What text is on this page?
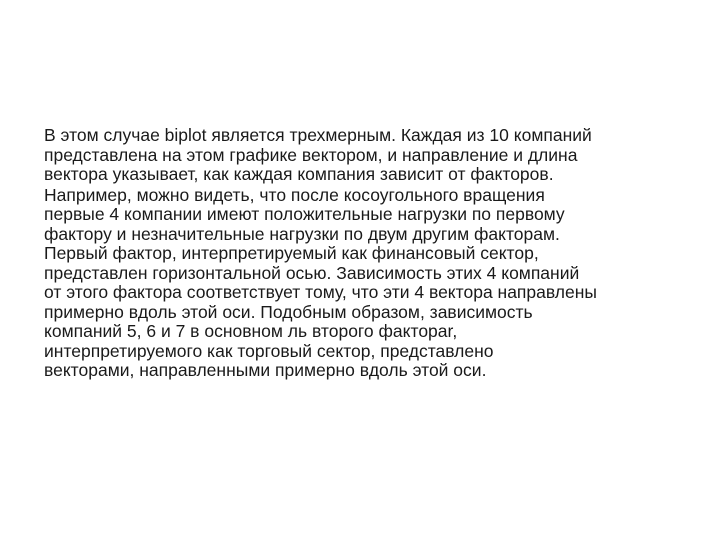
В этом случае biplot является трехмерным. Каждая из 10 компаний
представлена на этом графике вектором, и направление и длина
вектора указывает, как каждая компания зависит от факторов.

Например, можно видеть, что после косоугольного вращения
первые 4 компании имеют положительные нагрузки по первому
фактору и незначительные нагрузки по двум другим факторам.
Первый фактор, интерпретируемый как финансовый сектор,
представлен горизонтальной осью. Зависимость этих 4 компаний
от этого фактора соответствует тому, что эти 4 вектора направлены
примерно вдоль этой оси. Подобным образом, зависимость
компаний 5, 6 и 7 в основном ль второго факторar,
интерпретируемого как торговый сектор, представлено
векторами, направленными примерно вдоль этой оси.
